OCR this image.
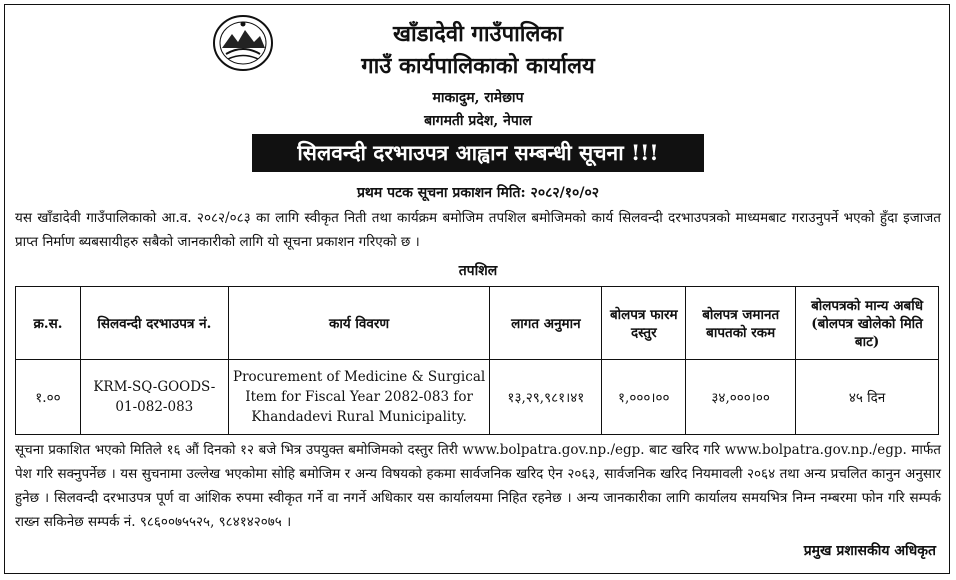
खाँडादेवी गाउँपालिका
गाउँ कार्यपालिकाको कार्यालय
माकादुम, रामेछाप
बागमती प्रदेश, नेपाल
सिलवन्दी दरभाउपत्र आह्वान सम्बन्धी सूचना !!!
प्रथम पटक सूचना प्रकाशन मिति: २०८२/१०/०२
यस खाँडादेवी गाउँपालिकाको आ.व. २०८२/०८३ का लागि स्वीकृत निती तथा कार्यक्रम बमोजिम तपशिल बमोजिमको कार्य सिलवन्दी दरभाउपत्रको माध्यमबाट गराउनुपर्ने भएको हुँदा इजाजत प्राप्त निर्माण ब्यबसायीहरु सबैको जानकारीको लागि यो सूचना प्रकाशन गरिएको छ ।
तपशिल
क्र.स.	सिलवन्दी दरभाउपत्र नं.	कार्य विवरण	लागत अनुमान	बोलपत्र फारम दस्तुर	बोलपत्र जमानत बापतको रकम	बोलपत्रको मान्य अबधि (बोलपत्र खोलेको मिति बाट)
१.००	KRM-SQ-GOODS-01-082-083	Procurement of Medicine & Surgical Item for Fiscal Year 2082-083 for Khandadevi Rural Municipality.	१३,२९,९८१।४१	१,०००।००	३४,०००।००	४५ दिन
सूचना प्रकाशित भएको मितिले १६ औं दिनको १२ बजे भित्र उपयुक्त बमोजिमको दस्तुर तिरी www.bolpatra.gov.np./egp. बाट खरिद गरि www.bolpatra.gov.np./egp. मार्फत पेश गरि सक्नुपर्नेछ । यस सुचनामा उल्लेख भएकोमा सोहि बमोजिम र अन्य विषयको हकमा सार्वजनिक खरिद ऐन २०६३, सार्वजनिक खरिद नियमावली २०६४ तथा अन्य प्रचलित कानुन अनुसार हुनेछ । सिलवन्दी दरभाउपत्र पूर्ण वा आंशिक रुपमा स्वीकृत गर्ने वा नगर्ने अधिकार यस कार्यालयमा निहित रहनेछ । अन्य जानकारीका लागि कार्यालय समयभित्र निम्न नम्बरमा फोन गरि सम्पर्क राख्न सकिनेछ सम्पर्क नं. ९८६००७५५२५, ९८४१४२०७५ ।
प्रमुख प्रशासकीय अधिकृत
